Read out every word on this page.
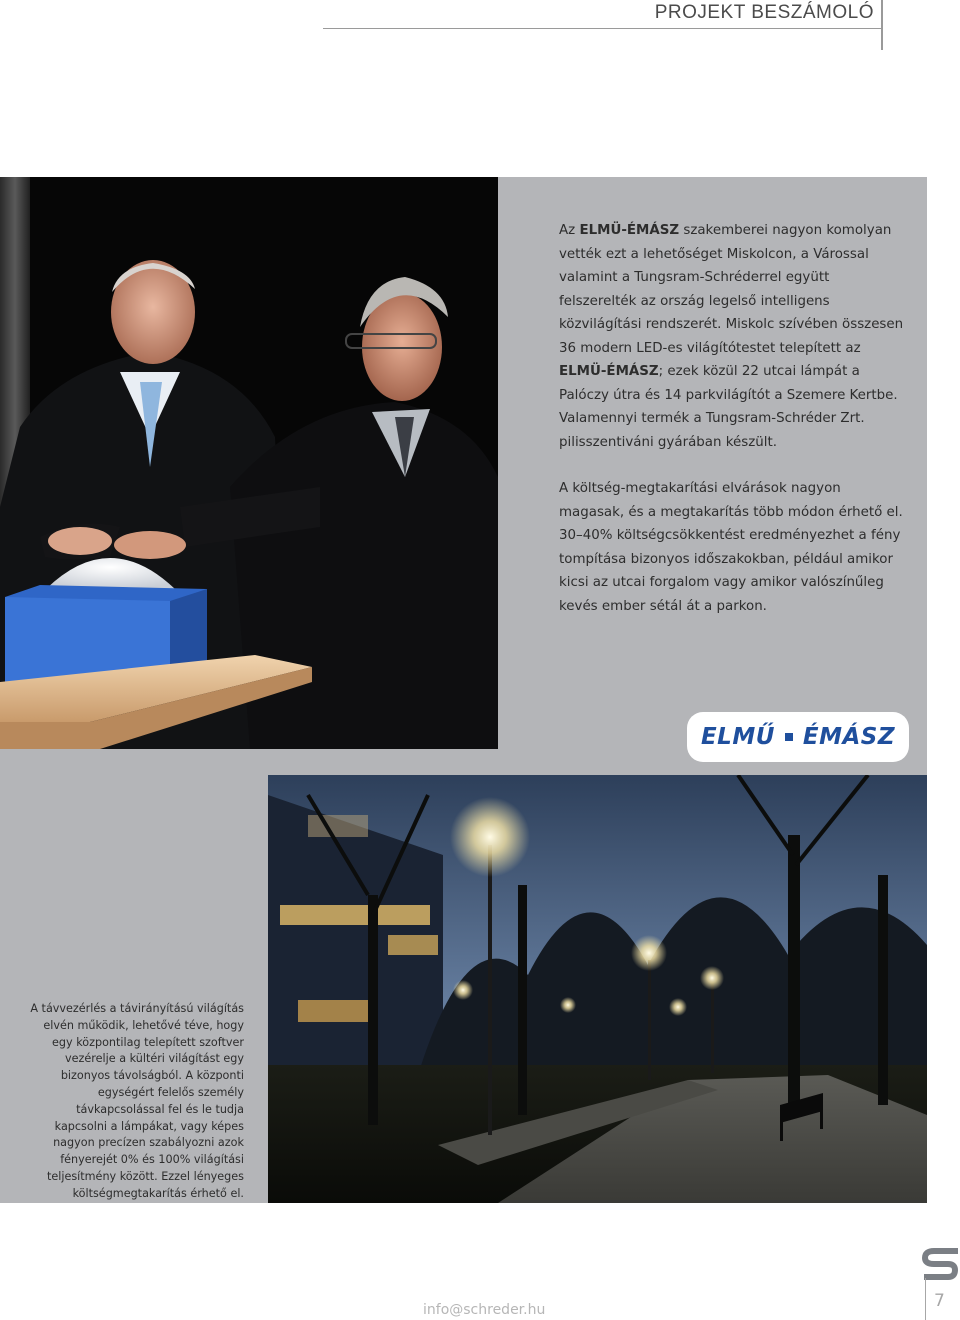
PROJEKT BESZÁMOLÓ

Az ELMÜ-ÉMÁSZ szakemberei nagyon komolyan vették ezt a lehetőséget Miskolcon, a Várossal valamint a Tungsram-Schréderrel együtt felszerelték az ország legelső intelligens közvilágítási rendszerét. Miskolc szívében összesen 36 modern LED-es világítótestet telepített az ELMÜ-ÉMÁSZ; ezek közül 22 utcai lámpát a Palóczy útra és 14 parkvilágítót a Szemere Kertbe. Valamennyi termék a Tungsram-Schréder Zrt. pilisszentiváni gyárában készült.

A költség-megtakarítási elvárások nagyon magasak, és a megtakarítás több módon érhető el. 30–40% költségcsökkentést eredményezhet a fény tompítása bizonyos időszakokban, például amikor kicsi az utcai forgalom vagy amikor valószínűleg kevés ember sétál át a parkon.

ELMŰ ÉMÁSZ

A távvezérlés a távirányítású világítás elvén működik, lehetővé téve, hogy egy központilag telepített szoftver vezérelje a kültéri világítást egy bizonyos távolságból. A központi egységért felelős személy távkapcsolással fel és le tudja kapcsolni a lámpákat, vagy képes nagyon precízen szabályozni azok fényerejét 0% és 100% világítási teljesítmény között. Ezzel lényeges költségmegtakarítás érhető el.

info@schreder.hu	7
